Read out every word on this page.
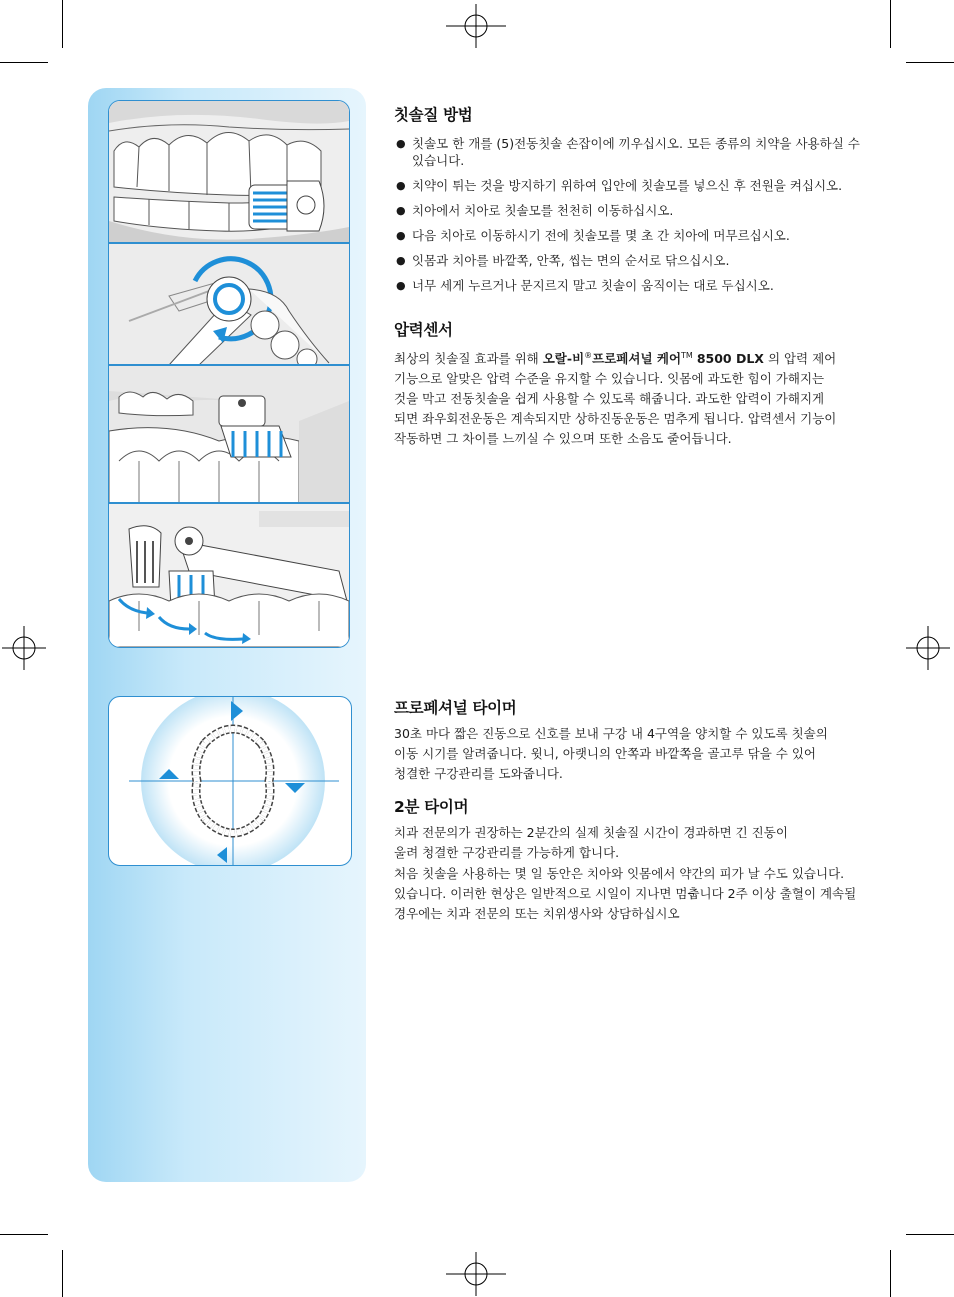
칫솔질 방법
● 칫솔모 한 개를 (5)전동칫솔 손잡이에 끼우십시오. 모든 종류의 치약을 사용하실 수 있습니다.
● 치약이 튀는 것을 방지하기 위하여 입안에 칫솔모를 넣으신 후 전원을 켜십시오.
● 치아에서 치아로 칫솔모를 천천히 이동하십시오.
● 다음 치아로 이동하시기 전에 칫솔모를 몇 초 간 치아에 머무르십시오.
● 잇몸과 치아를 바깥쪽, 안쪽, 씹는 면의 순서로 닦으십시오.
● 너무 세게 누르거나 문지르지 말고 칫솔이 움직이는 대로 두십시오.
압력센서

최상의 칫솔질 효과를 위해 오랄-비®프로페셔널 케어™ 8500 DLX 의 압력 제어
기능으로 알맞은 압력 수준을 유지할 수 있습니다. 잇몸에 과도한 힘이 가해지는
것을 막고 전동칫솔을 쉽게 사용할 수 있도록 해줍니다. 과도한 압력이 가해지게
되면 좌우회전운동은 계속되지만 상하진동운동은 멈추게 됩니다. 압력센서 기능이
작동하면 그 차이를 느끼실 수 있으며 또한 소음도 줄어듭니다.

프로페셔널 타이머

30초 마다 짧은 진동으로 신호를 보내 구강 내 4구역을 양치할 수 있도록 칫솔의
이동 시기를 알려줍니다. 윗니, 아랫니의 안쪽과 바깥쪽을 골고루 닦을 수 있어
청결한 구강관리를 도와줍니다.

2분 타이머

치과 전문의가 권장하는 2분간의 실제 칫솔질 시간이 경과하면 긴 진동이
울려 청결한 구강관리를 가능하게 합니다.

처음 칫솔을 사용하는 몇 일 동안은 치아와 잇몸에서 약간의 피가 날 수도 있습니다.
있습니다. 이러한 현상은 일반적으로 시일이 지나면 멈춥니다 2주 이상 출혈이 계속될
경우에는 치과 전문의 또는 치위생사와 상담하십시오
